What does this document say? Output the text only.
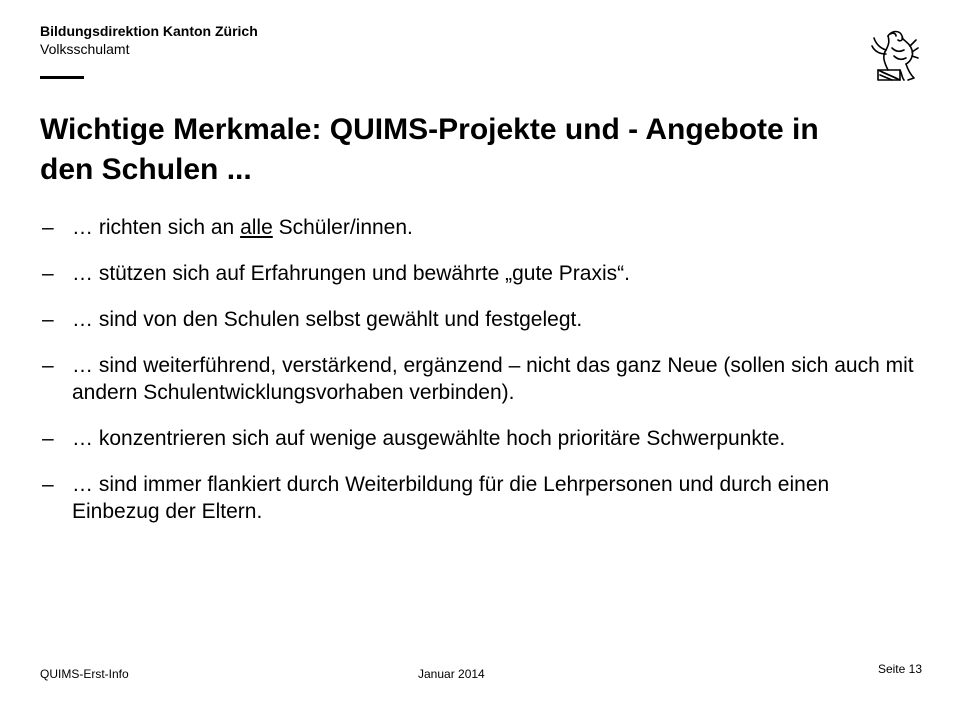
Bildungsdirektion Kanton Zürich
Volksschulamt
Wichtige Merkmale: QUIMS-Projekte und - Angebote in den Schulen ...
– … richten sich an alle Schüler/innen.
– … stützen sich auf Erfahrungen und bewährte „gute Praxis“.
– … sind von den Schulen selbst gewählt und festgelegt.
– … sind weiterführend, verstärkend, ergänzend – nicht das ganz Neue (sollen sich auch mit andern Schulentwicklungsvorhaben verbinden).
– … konzentrieren sich auf wenige ausgewählte hoch prioritäre Schwerpunkte.
– … sind immer flankiert durch Weiterbildung für die Lehrpersonen und durch einen Einbezug der Eltern.
QUIMS-Erst-Info	Januar 2014	Seite 13
